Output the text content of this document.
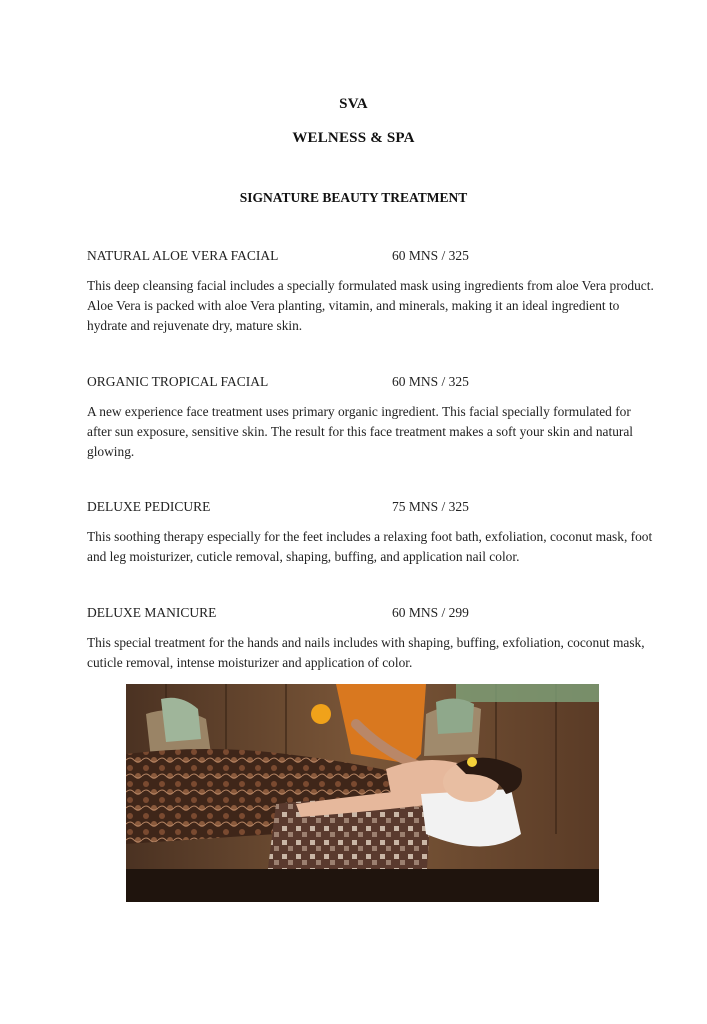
SVA
WELNESS & SPA
SIGNATURE BEAUTY TREATMENT
NATURAL ALOE VERA FACIAL	60 MNS / 325
This deep cleansing facial includes a specially formulated mask using ingredients from aloe Vera product. Aloe Vera is packed with aloe Vera planting, vitamin, and minerals, making it an ideal ingredient to hydrate and rejuvenate dry, mature skin.
ORGANIC TROPICAL FACIAL	60 MNS / 325
A new experience face treatment uses primary organic ingredient. This facial specially formulated for after sun exposure, sensitive skin. The result for this face treatment makes a soft your skin and natural glowing.
DELUXE PEDICURE	75 MNS / 325
This soothing therapy especially for the feet includes a relaxing foot bath, exfoliation, coconut mask, foot and leg moisturizer, cuticle removal, shaping, buffing, and application nail color.
DELUXE MANICURE	60 MNS / 299
This special treatment for the hands and nails includes with shaping, buffing, exfoliation, coconut mask, cuticle removal, intense moisturizer and application of color.
